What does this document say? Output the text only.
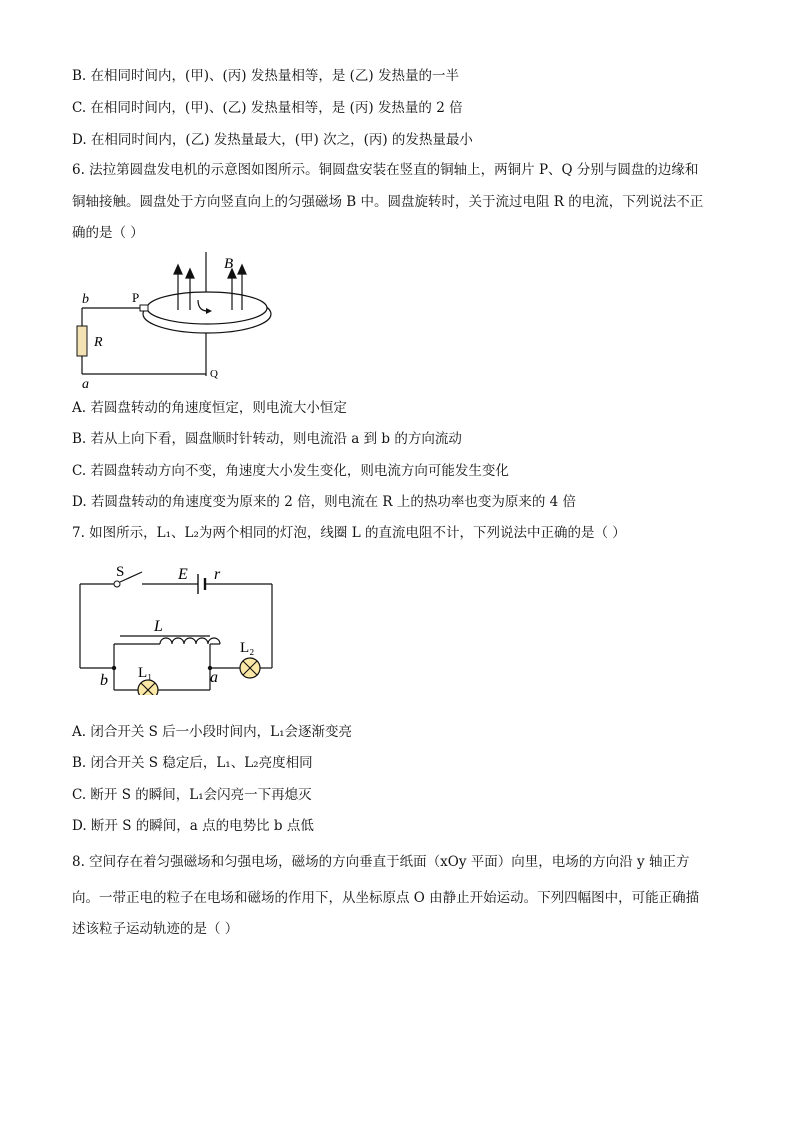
B. 在相同时间内，(甲)、(丙) 发热量相等，是 (乙) 发热量的一半
C. 在相同时间内，(甲)、(乙) 发热量相等，是 (丙) 发热量的 2 倍
D. 在相同时间内，(乙) 发热量最大，(甲) 次之，(丙) 的发热量最小
6. 法拉第圆盘发电机的示意图如图所示。铜圆盘安装在竖直的铜轴上，两铜片 P、Q 分别与圆盘的边缘和
铜轴接触。圆盘处于方向竖直向上的匀强磁场 B 中。圆盘旋转时，关于流过电阻 R 的电流，下列说法不正
确的是（ ）
B
P
b
R
a
Q
A. 若圆盘转动的角速度恒定，则电流大小恒定
B. 若从上向下看，圆盘顺时针转动，则电流沿 a 到 b 的方向流动
C. 若圆盘转动方向不变，角速度大小发生变化，则电流方向可能发生变化
D. 若圆盘转动的角速度变为原来的 2 倍，则电流在 R 上的热功率也变为原来的 4 倍
7. 如图所示，L₁、L₂为两个相同的灯泡，线圈 L 的直流电阻不计，下列说法中正确的是（ ）
S	E r
L
L₁
b	a
L₂
A. 闭合开关 S 后一小段时间内，L₁会逐渐变亮
B. 闭合开关 S 稳定后，L₁、L₂亮度相同
C. 断开 S 的瞬间，L₁会闪亮一下再熄灭
D. 断开 S 的瞬间，a 点的电势比 b 点低
8. 空间存在着匀强磁场和匀强电场，磁场的方向垂直于纸面（xOy 平面）向里，电场的方向沿 y 轴正方
向。一带正电的粒子在电场和磁场的作用下，从坐标原点 O 由静止开始运动。下列四幅图中，可能正确描
述该粒子运动轨迹的是（ ）
